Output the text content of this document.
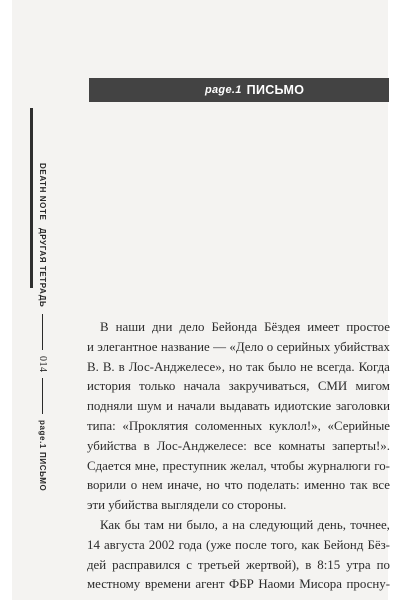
page.1 ПИСЬМО
DEATH NOTE
ДРУГАЯ ТЕТРАДЬ
014
page.1
ПИСЬМО
В наши дни дело Бейонда Бёздея имеет простое
и элегантное название — «Дело о серийных убийствах
В. В. в Лос-Анджелесе», но так было не всегда. Когда
история только начала закручиваться, СМИ мигом
подняли шум и начали выдавать идиотские заголовки
типа: «Проклятия соломенных куклол!», «Серийные
убийства в Лос-Анджелесе: все комнаты заперты!».
Сдается мне, преступник желал, чтобы журналюги го-
ворили о нем иначе, но что поделать: именно так все
эти убийства выглядели со стороны.
Как бы там ни было, а на следующий день, точнее,
14 августа 2002 года (уже после того, как Бейонд Бёз-
дей расправился с третьей жертвой), в 8:15 утра по
местному времени агент ФБР Наоми Мисора проснy-
